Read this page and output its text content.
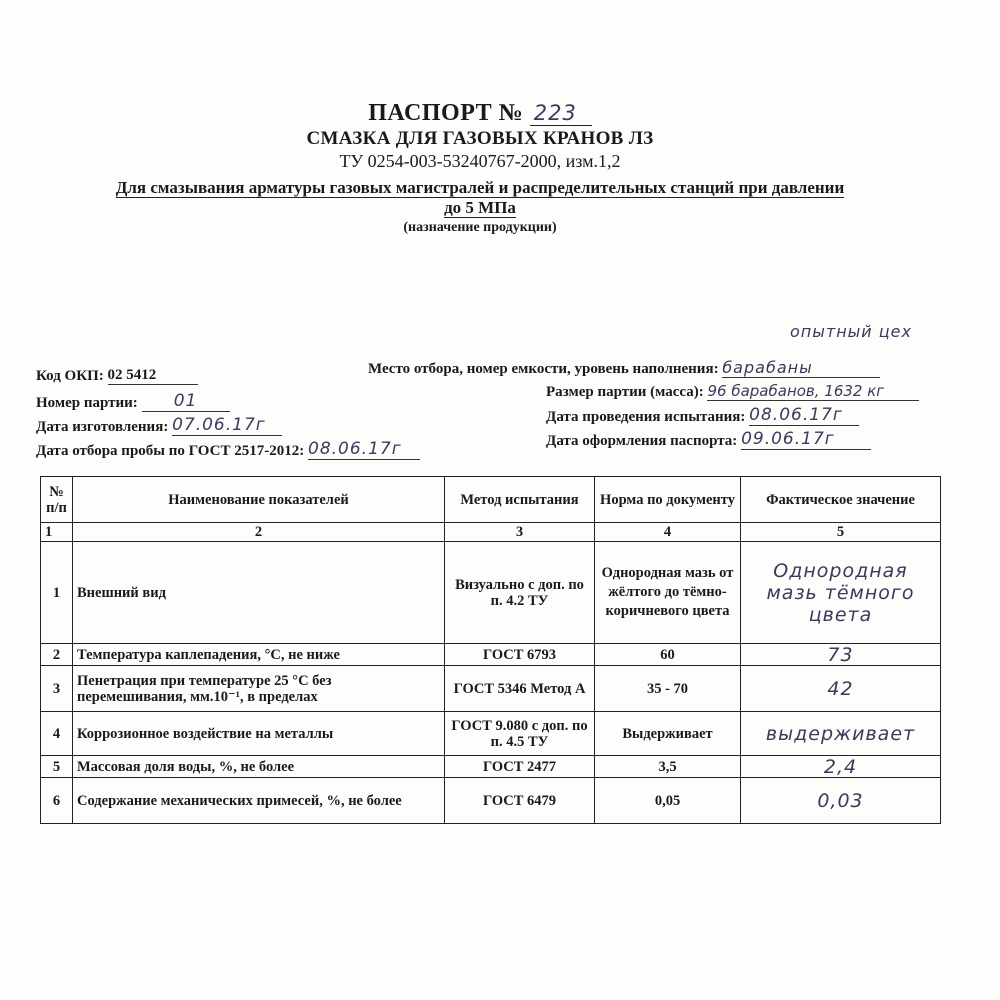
ПАСПОРТ № 223
СМАЗКА ДЛЯ ГАЗОВЫХ КРАНОВ ЛЗ
ТУ 0254-003-53240767-2000, изм.1,2
Для смазывания арматуры газовых магистралей и распределительных станций при давлении
до 5 МПа
(назначение продукции)
Код ОКП: 02 5412
Номер партии: 01
Дата изготовления: 07.06.17г
Дата отбора пробы по ГОСТ 2517-2012: 08.06.17г
опытный цех
Место отбора, номер емкости, уровень наполнения: барабаны
Размер партии (масса): 96 барабанов, 1632 кг
Дата проведения испытания: 08.06.17г
Дата оформления паспорта: 09.06.17г
№ п/п	Наименование показателей	Метод испытания	Норма по документу	Фактическое значение
1	2	3	4	5
1	Внешний вид	Визуально с доп. по п. 4.2 ТУ	Однородная мазь от жёлтого до тёмно-коричневого цвета	Однородная мазь тёмного цвета
2	Температура каплепадения, °С, не ниже	ГОСТ 6793	60	73
3	Пенетрация при температуре 25 °С без перемешивания, мм.10⁻¹, в пределах	ГОСТ 5346 Метод А	35 - 70	42
4	Коррозионное воздействие на металлы	ГОСТ 9.080 с доп. по п. 4.5 ТУ	Выдерживает	выдерживает
5	Массовая доля воды, %, не более	ГОСТ 2477	3,5	2,4
6	Содержание механических примесей, %, не более	ГОСТ 6479	0,05	0,03
